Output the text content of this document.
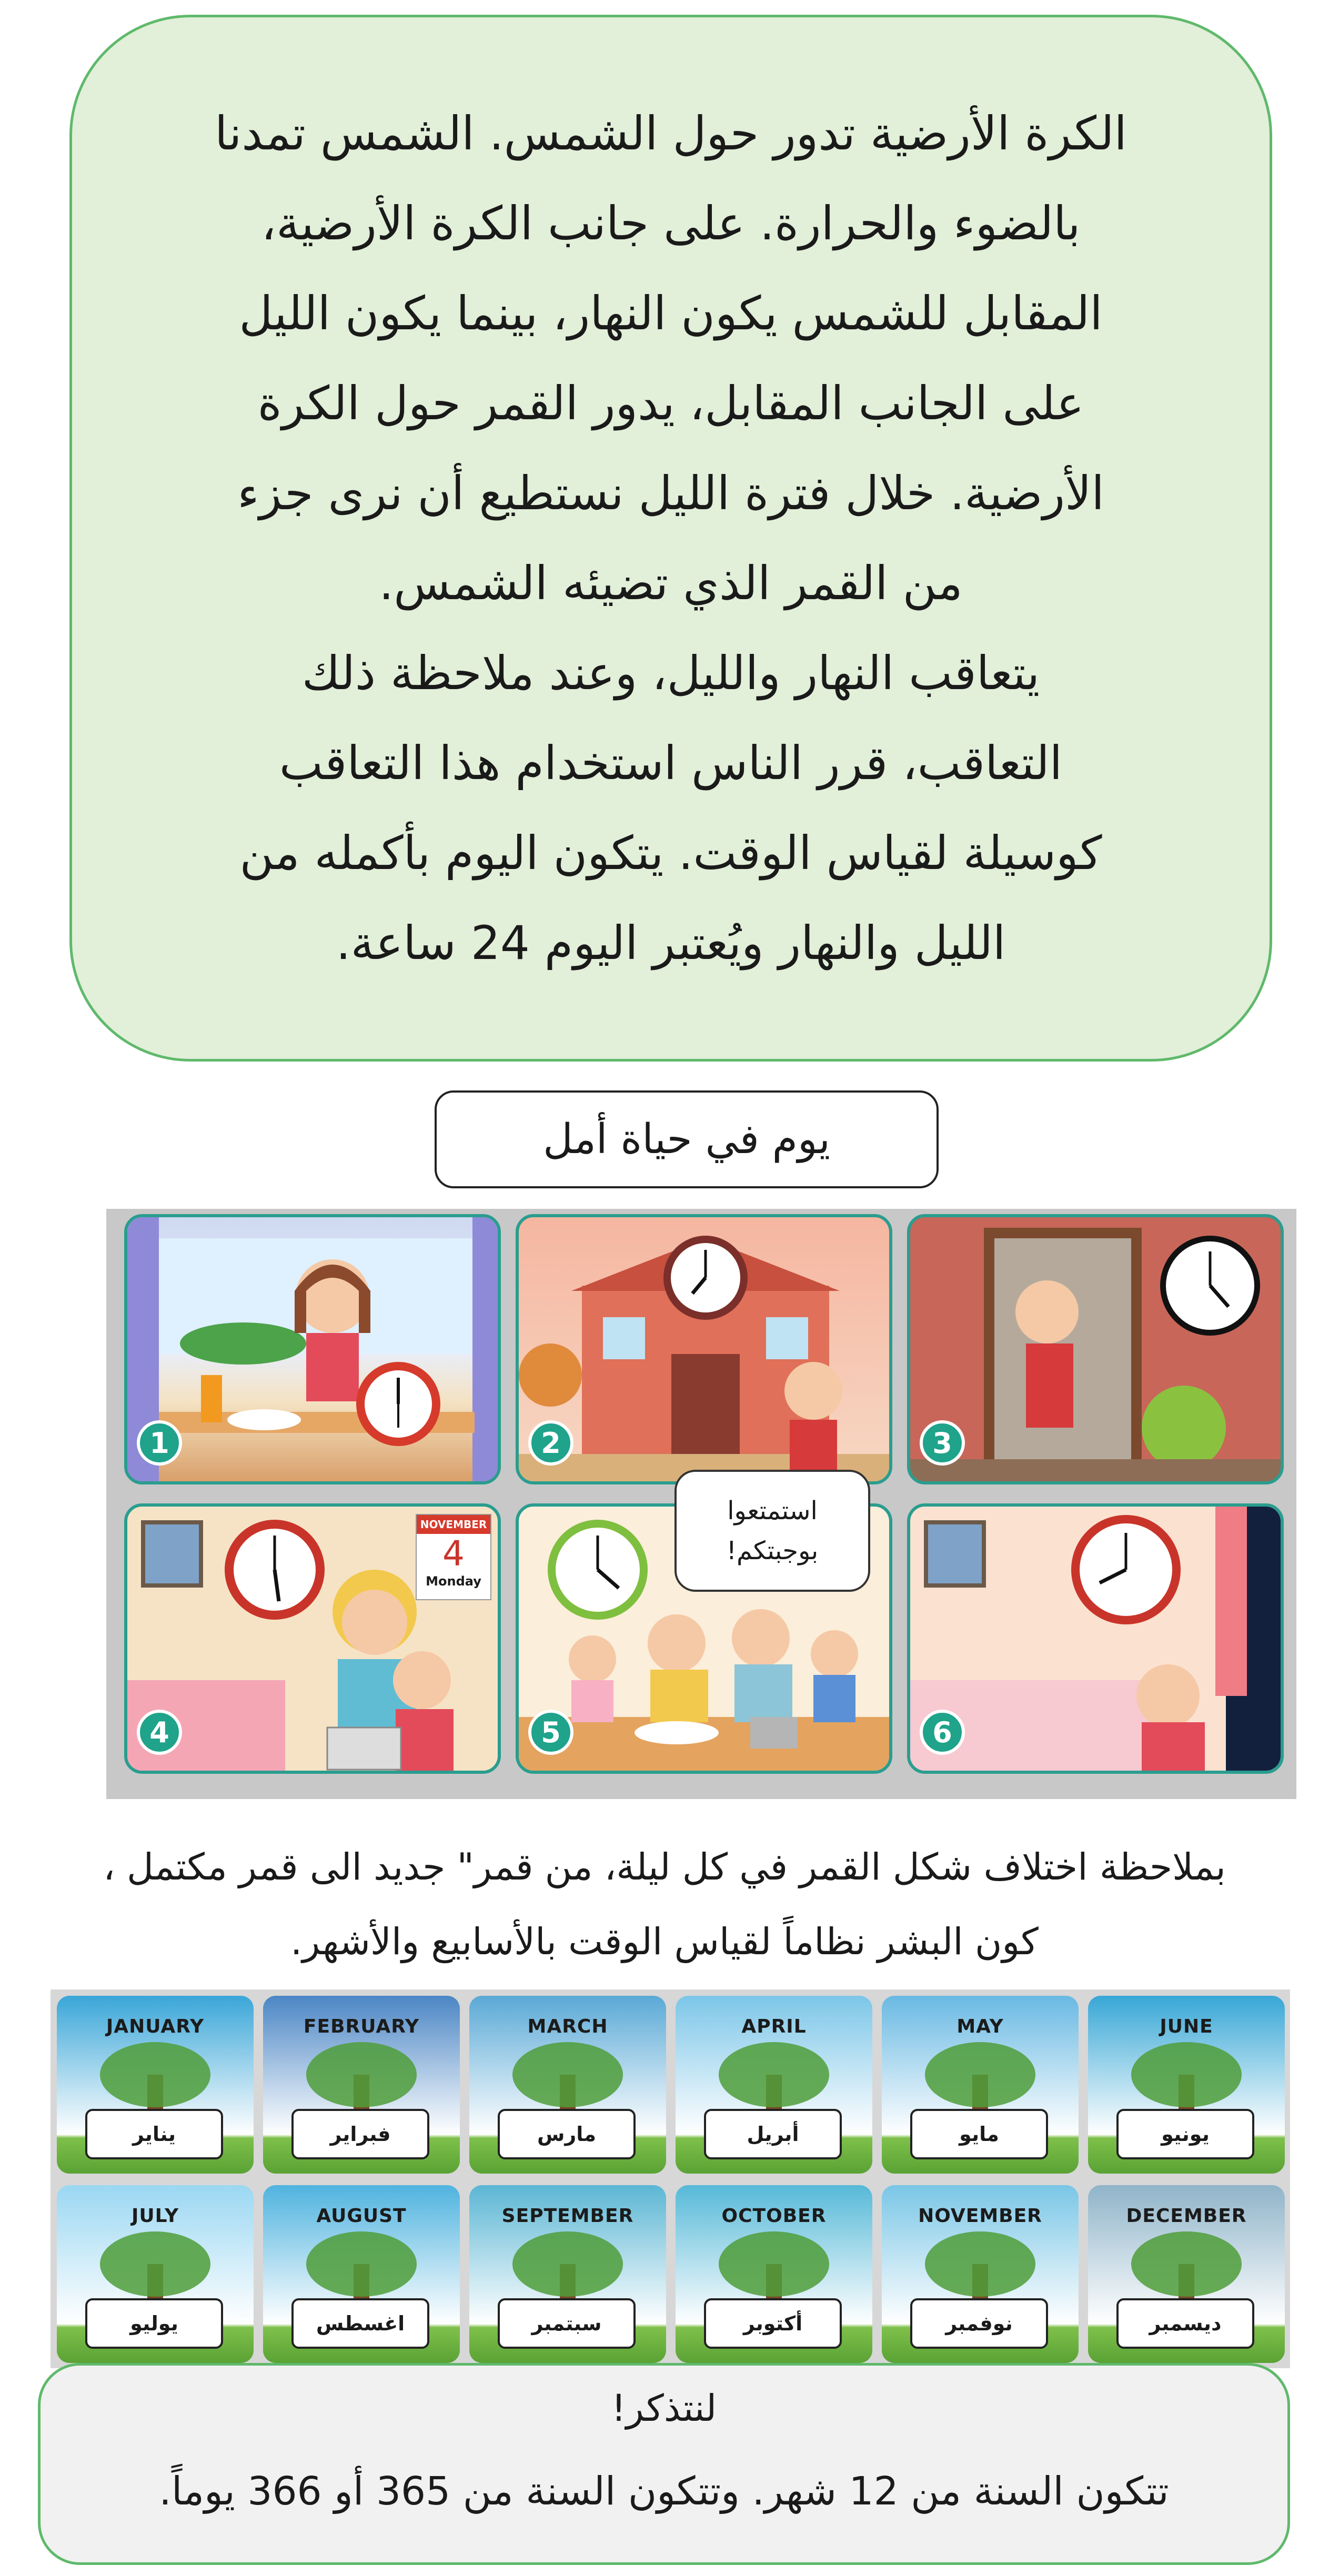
الكرة الأرضية تدور حول الشمس. الشمس تمدنا
بالضوء والحرارة. على جانب الكرة الأرضية،
المقابل للشمس يكون النهار، بينما يكون الليل
على الجانب المقابل، يدور القمر حول الكرة
الأرضية. خلال فترة الليل نستطيع أن نرى جزء
من القمر الذي تضيئه الشمس.
يتعاقب النهار والليل، وعند ملاحظة ذلك
التعاقب، قرر الناس استخدام هذا التعاقب
كوسيلة لقياس الوقت. يتكون اليوم بأكمله من
الليل والنهار ويُعتبر اليوم 24 ساعة.

يوم في حياة أمل
1	2	3
NOVEMBER
4
Monday
4	5	6
استمتعوا
بوجبتكم!

بملاحظة اختلاف شكل القمر في كل ليلة، من قمر" جديد الى قمر مكتمل ،
كون البشر نظاماً لقياس الوقت بالأسابيع والأشهر.

JANUARY
يناير
FEBRUARY
فبراير
MARCH
مارس
APRIL
أبريل
MAY
مايو
JUNE
يونيو
JULY
يوليو
AUGUST
اغسطس
SEPTEMBER
سبتمبر
OCTOBER
أكتوبر
NOVEMBER
نوفمبر
DECEMBER
ديسمبر
لنتذكر!
تتكون السنة من 12 شهر. وتتكون السنة من 365 أو 366 يوماً.
